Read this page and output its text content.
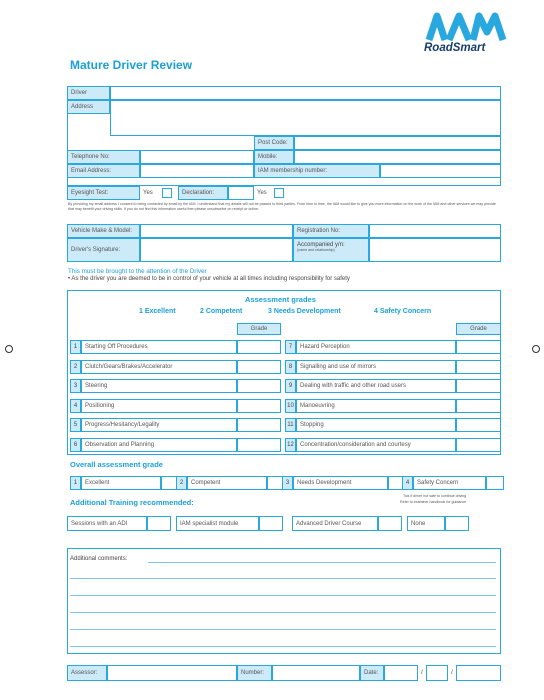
RoadSmart
Mature Driver Review
Driver
Address
Post Code:
Telephone No:	Mobile:
Email Address:	IAM membership number:
Eyesight Test:	Yes	Declaration:	Yes
By providing my email address I consent to being contacted by email by the IAM. I understand that my details will not be passed to third parties. From time to time, the IAM would like to give you more information on the work of the IAM and other services we may provide that may benefit your driving skills. If you do not find this information useful then please unsubscribe on receipt or online.
Vehicle Make & Model:	Registration No:
Driver's Signature:
Accompanied y/n:
(name and relationship)
This must be brought to the attention of the Driver
• As the driver you are deemed to be in control of your vehicle at all times including responsibility for safety
Assessment grades
1 Excellent	2 Competent	3 Needs Development	4 Safety Concern
Grade	Grade
1	Starting Off Procedures
2	Clutch/Gears/Brakes/Accelerator
3	Steering
4	Positioning
5	Progress/Hesitancy/Legality
6	Observation and Planning
7	Hazard Perception
8	Signalling and use of mirrors
9	Dealing with traffic and other road users
10	Manoeuvring
11	Stopping
12	Concentration/consideration and courtesy
Overall assessment grade
1	Excellent	2	Competent	3	Needs Development	4	Safety Concern
Tick if driver not safe to continue driving
Refer to examiner handbook for guidance
Additional Training recommended:
Sessions with an ADI	IAM specialist module	Advanced Driver Course	None
Additional comments:
Assessor:	Number:	Date:	/	/
